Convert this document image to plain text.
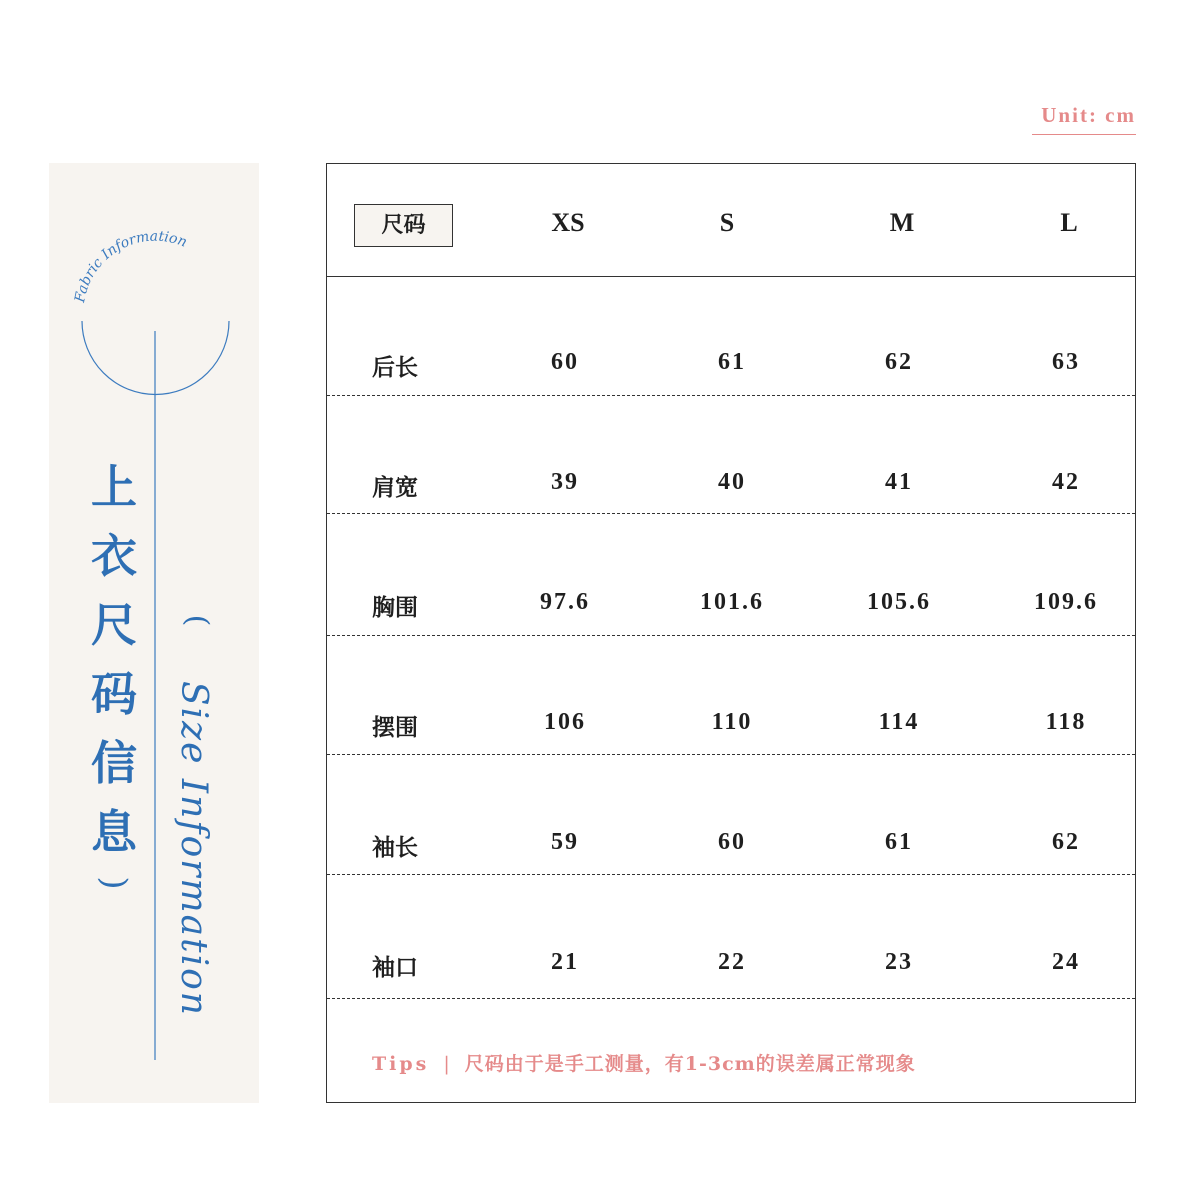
Unit: cm
Fabric Information
上
衣
尺
码
信
息
(
Size Information
)
尺码	XS	S	M	L
后长	60	61	62	63
肩宽	39	40	41	42
胸围	97.6	101.6	105.6	109.6
摆围	106	110	114	118
袖长	59	60	61	62
袖口	21	22	23	24
Tips | 尺码由于是手工测量，有1-3cm的误差属正常现象
